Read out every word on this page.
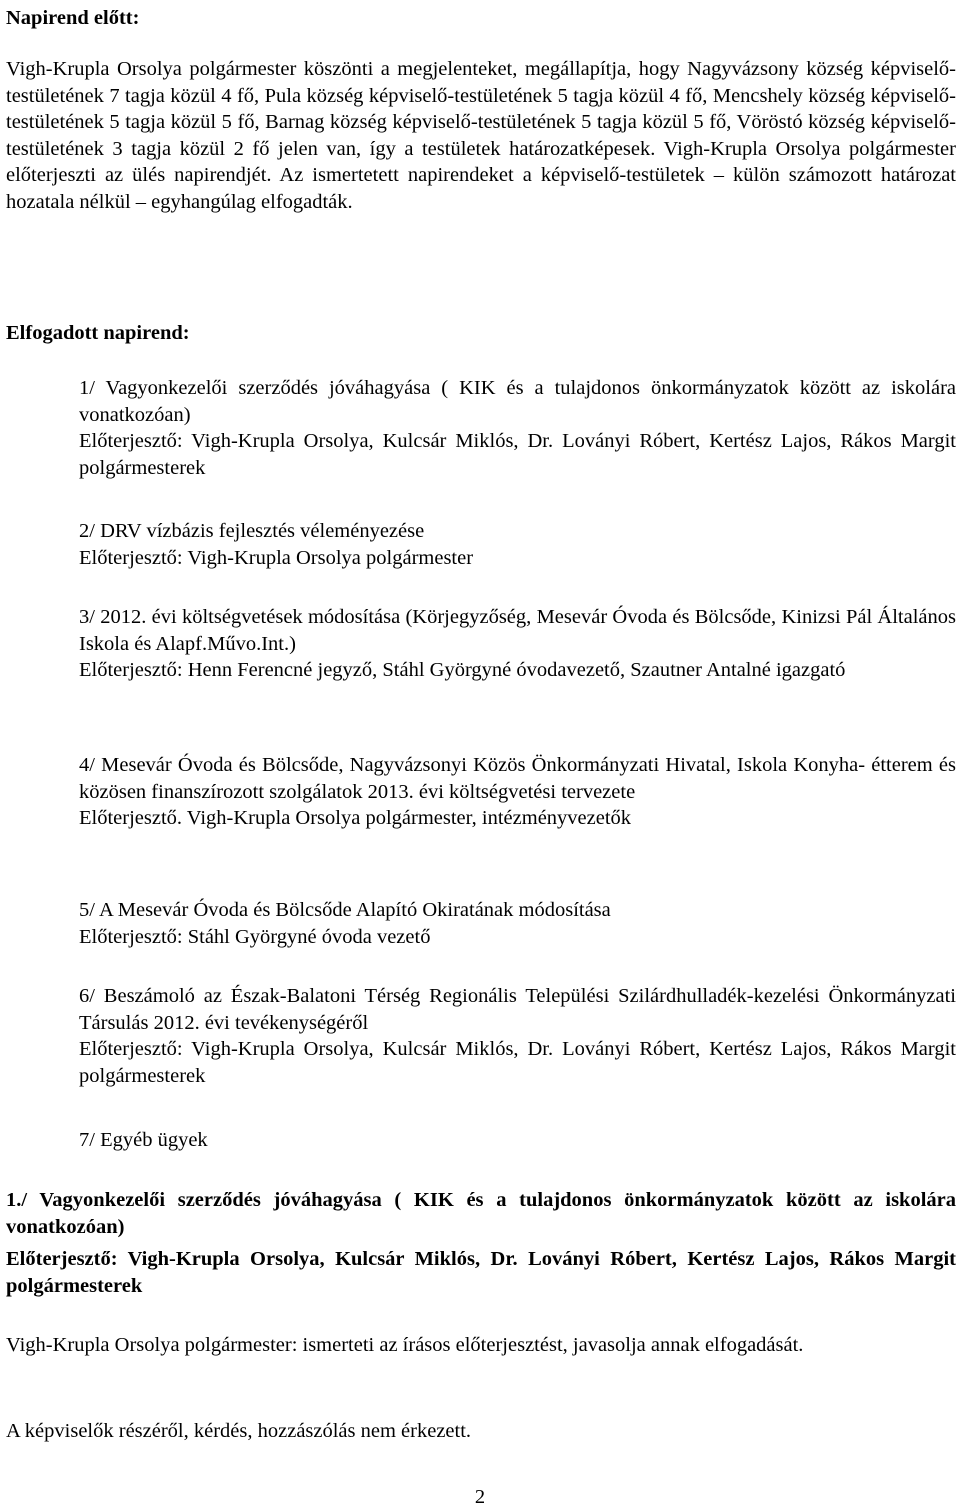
Napirend előtt:

Vigh-Krupla Orsolya polgármester köszönti a megjelenteket, megállapítja, hogy Nagyvázsony község képviselő-testületének 7 tagja közül 4 fő, Pula község képviselő-testületének 5 tagja közül 4 fő, Mencshely község képviselő-testületének 5 tagja közül 5 fő, Barnag község képviselő-testületének 5 tagja közül 5 fő, Vöröstó község képviselő-testületének 3 tagja közül 2 fő jelen van, így a testületek határozatképesek. Vigh-Krupla Orsolya polgármester előterjeszti az ülés napirendjét. Az ismertetett napirendeket a képviselő-testületek – külön számozott határozat hozatala nélkül – egyhangúlag elfogadták.

Elfogadott napirend:

1/ Vagyonkezelői szerződés jóváhagyása ( KIK és a tulajdonos önkormányzatok között az iskolára vonatkozóan)

Előterjesztő: Vigh-Krupla Orsolya, Kulcsár Miklós, Dr. Loványi Róbert, Kertész Lajos, Rákos Margit polgármesterek

2/ DRV vízbázis fejlesztés véleményezése

Előterjesztő: Vigh-Krupla Orsolya polgármester

3/ 2012. évi költségvetések módosítása (Körjegyzőség, Mesevár Óvoda és Bölcsőde, Kinizsi Pál Általános Iskola és Alapf.Művo.Int.)

Előterjesztő: Henn Ferencné jegyző, Stáhl Györgyné óvodavezető, Szautner Antalné igazgató

4/ Mesevár Óvoda és Bölcsőde, Nagyvázsonyi Közös Önkormányzati Hivatal, Iskola Konyha- étterem és közösen finanszírozott szolgálatok 2013. évi költségvetési tervezete

Előterjesztő. Vigh-Krupla Orsolya polgármester, intézményvezetők

5/ A Mesevár Óvoda és Bölcsőde Alapító Okiratának módosítása

Előterjesztő: Stáhl Györgyné óvoda vezető

6/ Beszámoló az Észak-Balatoni Térség Regionális Települési Szilárdhulladék-kezelési Önkormányzati Társulás 2012. évi tevékenységéről

Előterjesztő: Vigh-Krupla Orsolya, Kulcsár Miklós, Dr. Loványi Róbert, Kertész Lajos, Rákos Margit polgármesterek

7/ Egyéb ügyek

1./ Vagyonkezelői szerződés jóváhagyása ( KIK és a tulajdonos önkormányzatok között az iskolára vonatkozóan)

Előterjesztő: Vigh-Krupla Orsolya, Kulcsár Miklós, Dr. Loványi Róbert, Kertész Lajos, Rákos Margit polgármesterek

Vigh-Krupla Orsolya polgármester: ismerteti az írásos előterjesztést, javasolja annak elfogadását.

A képviselők részéről, kérdés, hozzászólás nem érkezett.

2
